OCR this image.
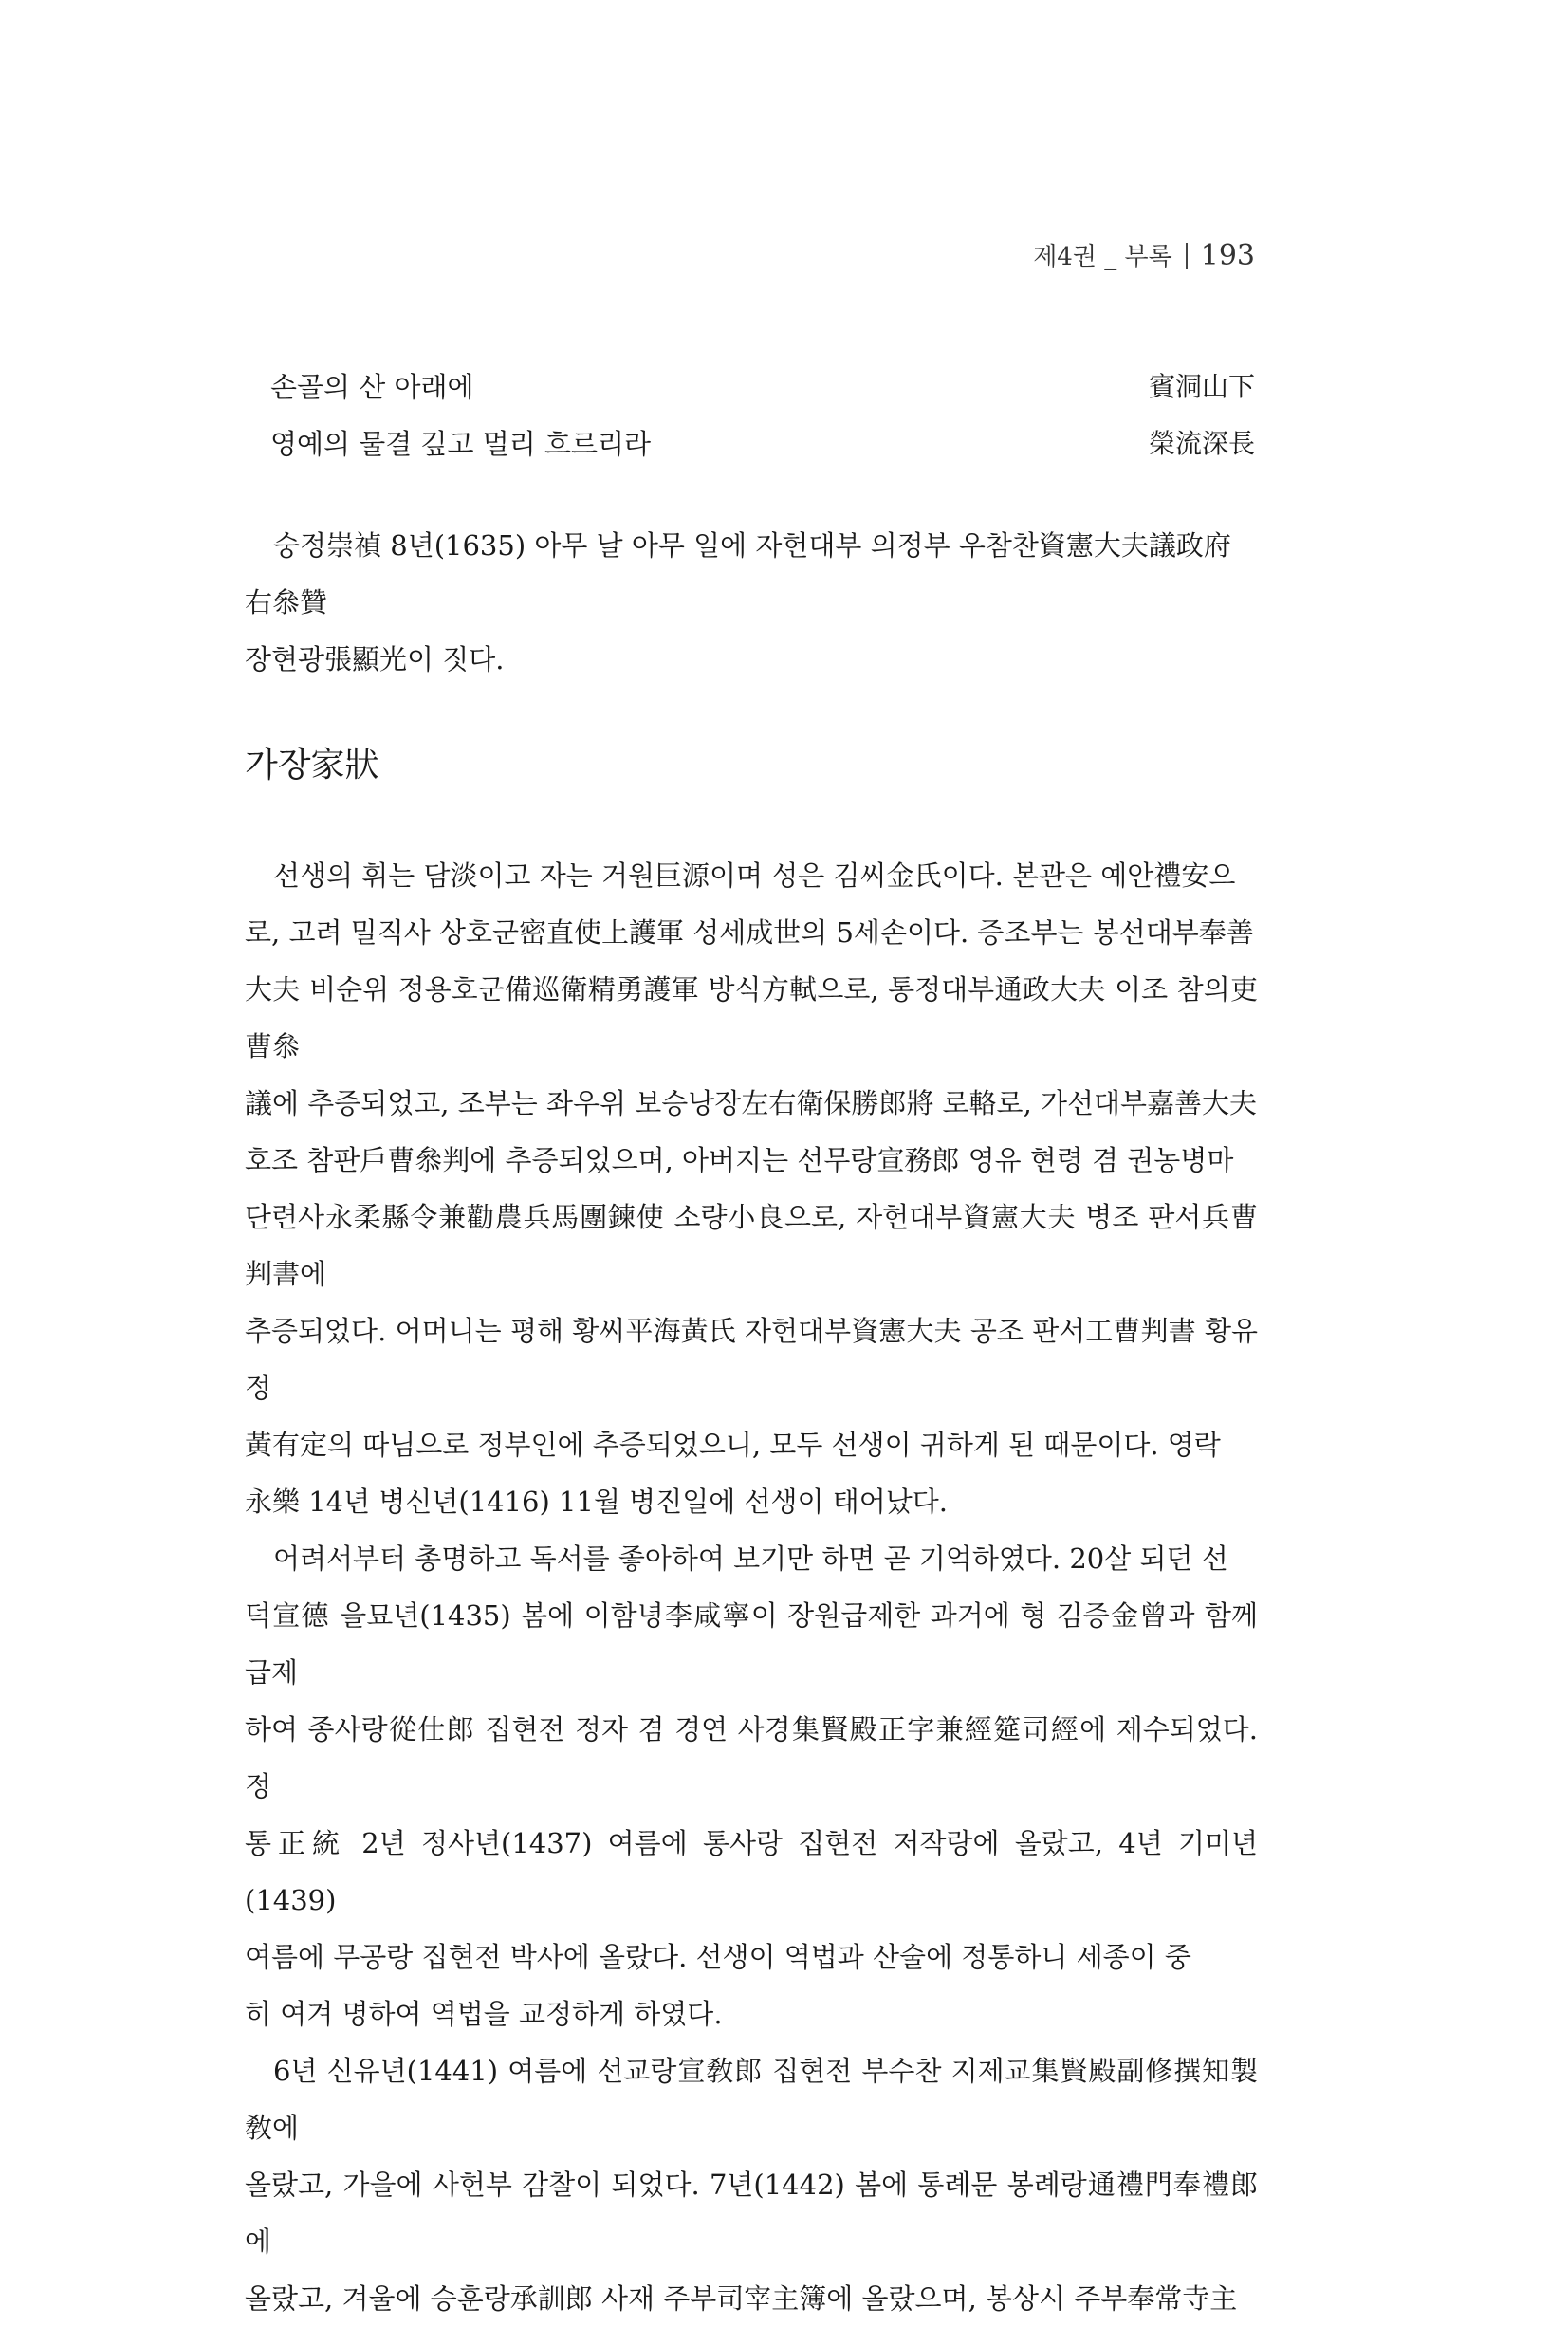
제4권 _ 부록 193
손골의 산 아래에	賓洞山下
영예의 물결 깊고 멀리 흐르리라	榮流深長

숭정崇禎 8년(1635) 아무 날 아무 일에 자헌대부 의정부 우참찬資憲大夫議政府右叅贊
장현광張顯光이 짓다.

가장家狀

선생의 휘는 담淡이고 자는 거원巨源이며 성은 김씨金氏이다. 본관은 예안禮安으
로, 고려 밀직사 상호군密直使上護軍 성세成世의 5세손이다. 증조부는 봉선대부奉善
大夫 비순위 정용호군備巡衛精勇護軍 방식方軾으로, 통정대부通政大夫 이조 참의吏曹叅
議에 추증되었고, 조부는 좌우위 보승낭장左右衛保勝郎將 로輅로, 가선대부嘉善大夫
호조 참판戶曹叅判에 추증되었으며, 아버지는 선무랑宣務郎 영유 현령 겸 권농병마
단련사永柔縣令兼勸農兵馬團鍊使 소량小良으로, 자헌대부資憲大夫 병조 판서兵曹判書에
추증되었다. 어머니는 평해 황씨平海黃氏 자헌대부資憲大夫 공조 판서工曹判書 황유정
黃有定의 따님으로 정부인에 추증되었으니, 모두 선생이 귀하게 된 때문이다. 영락
永樂 14년 병신년(1416) 11월 병진일에 선생이 태어났다.

어려서부터 총명하고 독서를 좋아하여 보기만 하면 곧 기억하였다. 20살 되던 선
덕宣德 을묘년(1435) 봄에 이함녕李咸寧이 장원급제한 과거에 형 김증金曾과 함께 급제
하여 종사랑從仕郎 집현전 정자 겸 경연 사경集賢殿正字兼經筵司經에 제수되었다. 정
통正統 2년 정사년(1437) 여름에 통사랑 집현전 저작랑에 올랐고, 4년 기미년(1439)
여름에 무공랑 집현전 박사에 올랐다. 선생이 역법과 산술에 정통하니 세종이 중
히 여겨 명하여 역법을 교정하게 하였다.

6년 신유년(1441) 여름에 선교랑宣敎郎 집현전 부수찬 지제교集賢殿副修撰知製敎에
올랐고, 가을에 사헌부 감찰이 되었다. 7년(1442) 봄에 통례문 봉례랑通禮門奉禮郎에
올랐고, 겨울에 승훈랑承訓郎 사재 주부司宰主簿에 올랐으며, 봉상시 주부奉常寺主
